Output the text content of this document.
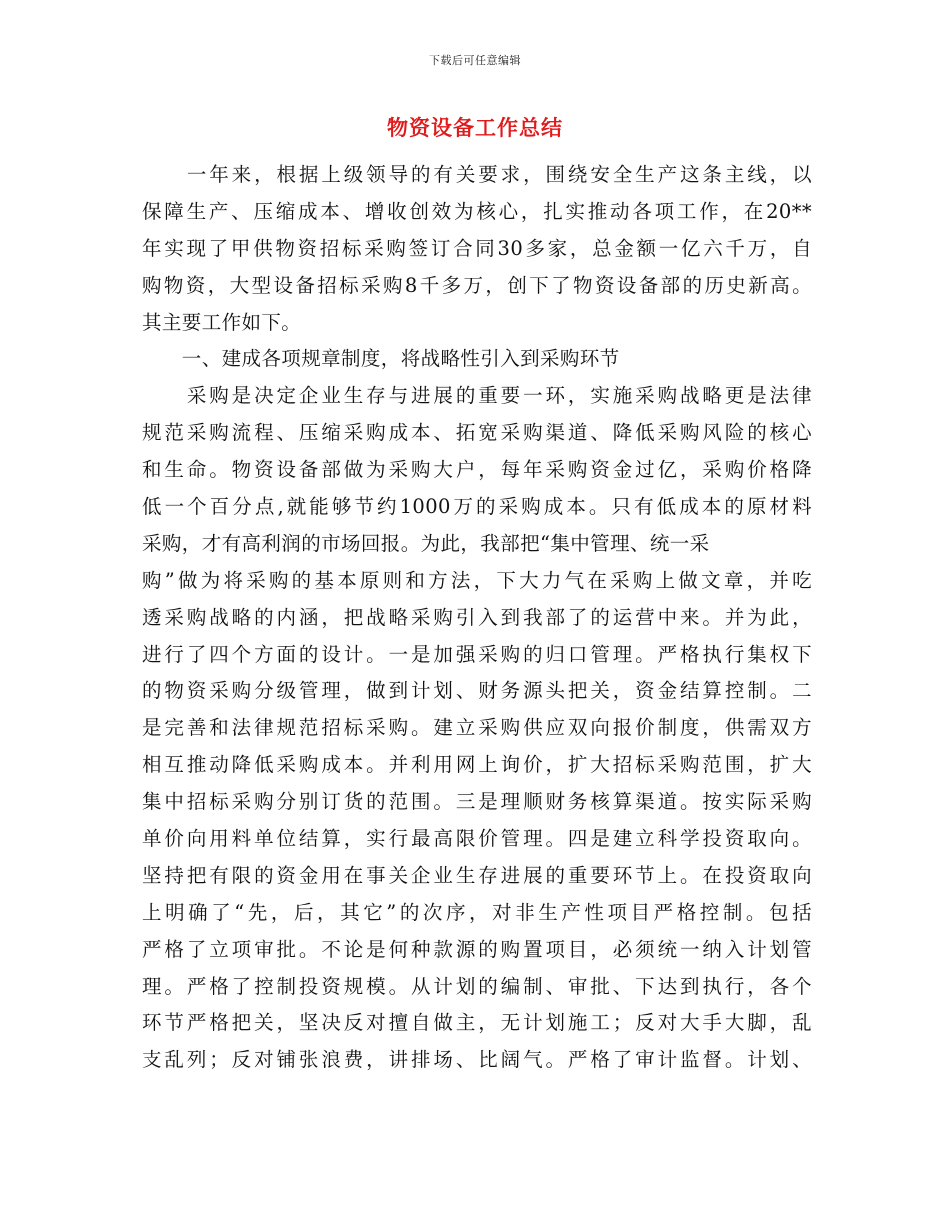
下载后可任意编辑
物资设备工作总结
　　一年来，根据上级领导的有关要求，围绕安全生产这条主线，以
保障生产、压缩成本、增收创效为核心，扎实推动各项工作，在20**
年实现了甲供物资招标采购签订合同30多家，总金额一亿六千万，自
购物资，大型设备招标采购8千多万，创下了物资设备部的历史新高。
其主要工作如下。
　　一、建成各项规章制度，将战略性引入到采购环节
　　采购是决定企业生存与进展的重要一环，实施采购战略更是法律
规范采购流程、压缩采购成本、拓宽采购渠道、降低采购风险的核心
和生命。物资设备部做为采购大户，每年采购资金过亿，采购价格降
低一个百分点,就能够节约1000万的采购成本。只有低成本的原材料
采购，才有高利润的市场回报。为此，我部把“集中管理、统一采
购”做为将采购的基本原则和方法，下大力气在采购上做文章，并吃
透采购战略的内涵，把战略采购引入到我部了的运营中来。并为此，
进行了四个方面的设计。一是加强采购的归口管理。严格执行集权下
的物资采购分级管理，做到计划、财务源头把关，资金结算控制。二
是完善和法律规范招标采购。建立采购供应双向报价制度，供需双方
相互推动降低采购成本。并利用网上询价，扩大招标采购范围，扩大
集中招标采购分别订货的范围。三是理顺财务核算渠道。按实际采购
单价向用料单位结算，实行最高限价管理。四是建立科学投资取向。
坚持把有限的资金用在事关企业生存进展的重要环节上。在投资取向
上明确了“先，后，其它”的次序，对非生产性项目严格控制。包括
严格了立项审批。不论是何种款源的购置项目，必须统一纳入计划管
理。严格了控制投资规模。从计划的编制、审批、下达到执行，各个
环节严格把关，坚决反对擅自做主，无计划施工；反对大手大脚，乱
支乱列；反对铺张浪费，讲排场、比阔气。严格了审计监督。计划、
